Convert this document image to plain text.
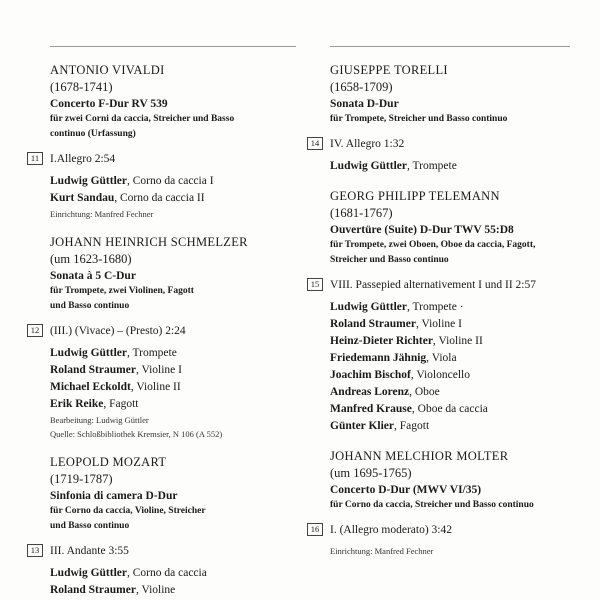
ANTONIO VIVALDI
(1678-1741)
Concerto F-Dur RV 539
für zwei Corni da caccia, Streicher und Basso
continuo (Urfassung)
11 I.Allegro 2:54
Ludwig Güttler, Corno da caccia I
Kurt Sandau, Corno da caccia II
Einrichtung: Manfred Fechner
JOHANN HEINRICH SCHMELZER
(um 1623-1680)
Sonata à 5 C-Dur
für Trompete, zwei Violinen, Fagott
und Basso continuo
12 (III.) (Vivace) – (Presto) 2:24
Ludwig Güttler, Trompete
Roland Straumer, Violine I
Michael Eckoldt, Violine II
Erik Reike, Fagott
Bearbeitung: Ludwig Güttler
Quelle: Schloßbibliothek Kremsier, N 106 (A 552)
LEOPOLD MOZART
(1719-1787)
Sinfonia di camera D-Dur
für Corno da caccia, Violine, Streicher
und Basso continuo
13 III. Andante 3:55
Ludwig Güttler, Corno da caccia
Roland Straumer, Violine
GIUSEPPE TORELLI
(1658-1709)
Sonata D-Dur
für Trompete, Streicher und Basso continuo
14 IV. Allegro 1:32
Ludwig Güttler, Trompete
GEORG PHILIPP TELEMANN
(1681-1767)
Ouvertüre (Suite) D-Dur TWV 55:D8
für Trompete, zwei Oboen, Oboe da caccia, Fagott,
Streicher und Basso continuo
15 VIII. Passepied alternativement I und II 2:57
Ludwig Güttler, Trompete ·
Roland Straumer, Violine I
Heinz-Dieter Richter, Violine II
Friedemann Jähnig, Viola
Joachim Bischof, Violoncello
Andreas Lorenz, Oboe
Manfred Krause, Oboe da caccia
Günter Klier, Fagott
JOHANN MELCHIOR MOLTER
(um 1695-1765)
Concerto D-Dur (MWV VI/35)
für Corno da caccia, Streicher und Basso continuo
16 I. (Allegro moderato) 3:42
Einrichtung: Manfred Fechner
